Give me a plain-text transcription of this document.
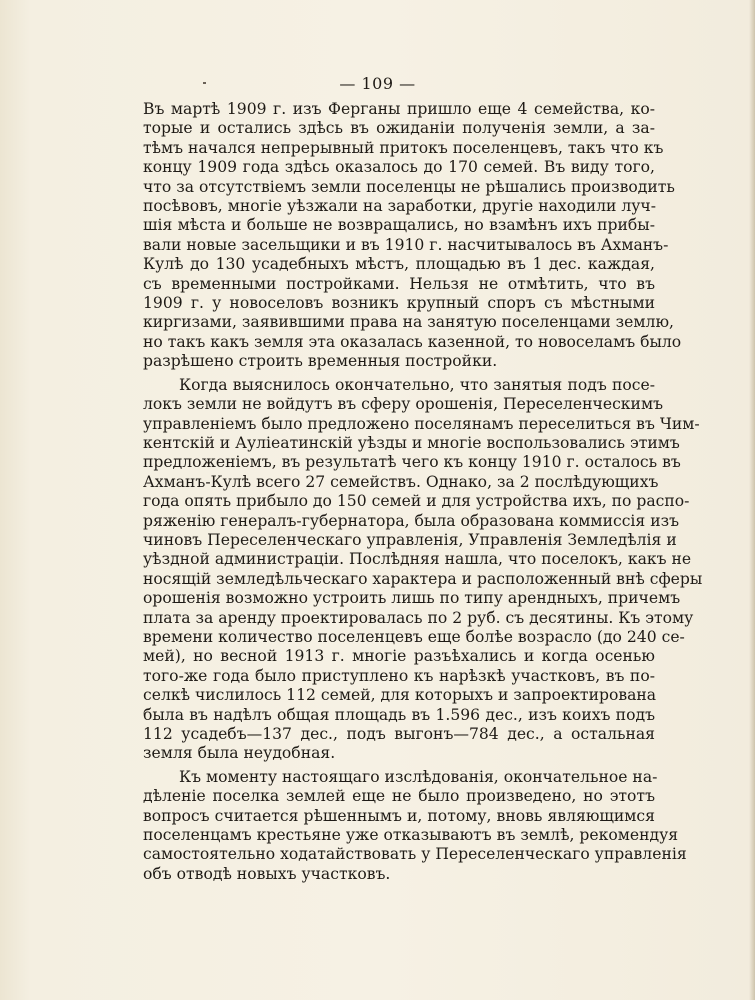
— 109 —
Въ мартѣ 1909 г. изъ Ферганы пришло еще 4 семейства, ко-
торые и остались здѣсь въ ожиданіи полученія земли, а за-
тѣмъ начался непрерывный притокъ поселенцевъ, такъ что къ
концу 1909 года здѣсь оказалось до 170 семей. Въ виду того,
что за отсутствіемъ земли поселенцы не рѣшались производить
посѣвовъ, многіе уѣзжали на заработки, другіе находили луч-
шія мѣста и больше не возвращались, но взамѣнъ ихъ прибы-
вали новые засельщики и въ 1910 г. насчитывалось въ Ахманъ-
Кулѣ до 130 усадебныхъ мѣстъ, площадью въ 1 дес. каждая,
съ временными постройками. Нельзя не отмѣтить, что въ
1909 г. у новоселовъ возникъ крупный споръ съ мѣстными
киргизами, заявившими права на занятую поселенцами землю,
но такъ какъ земля эта оказалась казенной, то новоселамъ было
разрѣшено строить временныя постройки.
Когда выяснилось окончательно, что занятыя подъ посе-
локъ земли не войдутъ въ сферу орошенія, Переселенческимъ
управленіемъ было предложено поселянамъ переселиться въ Чим-
кентскій и Ауліеатинскій уѣзды и многіе воспользовались этимъ
предложеніемъ, въ результатѣ чего къ концу 1910 г. осталось въ
Ахманъ-Кулѣ всего 27 семействъ. Однако, за 2 послѣдующихъ
года опять прибыло до 150 семей и для устройства ихъ, по распо-
ряженію генералъ-губернатора, была образована коммиссія изъ
чиновъ Переселенческаго управленія, Управленія Земледѣлія и
уѣздной администраціи. Послѣдняя нашла, что поселокъ, какъ не
носящій земледѣльческаго характера и расположенный внѣ сферы
орошенія возможно устроить лишь по типу арендныхъ, причемъ
плата за аренду проектировалась по 2 руб. съ десятины. Къ этому
времени количество поселенцевъ еще болѣе возрасло (до 240 се-
мей), но весной 1913 г. многіе разъѣхались и когда осенью
того-же года было приступлено къ нарѣзкѣ участковъ, въ по-
селкѣ числилось 112 семей, для которыхъ и запроектирована
была въ надѣлъ общая площадь въ 1.596 дес., изъ коихъ подъ
112 усадебъ—137 дес., подъ выгонъ—784 дес., а остальная
земля была неудобная.
Къ моменту настоящаго изслѣдованія, окончательное на-
дѣленіе поселка землей еще не было произведено, но этотъ
вопросъ считается рѣшеннымъ и, потому, вновь являющимся
поселенцамъ крестьяне уже отказываютъ въ землѣ, рекомендуя
самостоятельно ходатайствовать у Переселенческаго управленія
объ отводѣ новыхъ участковъ.
